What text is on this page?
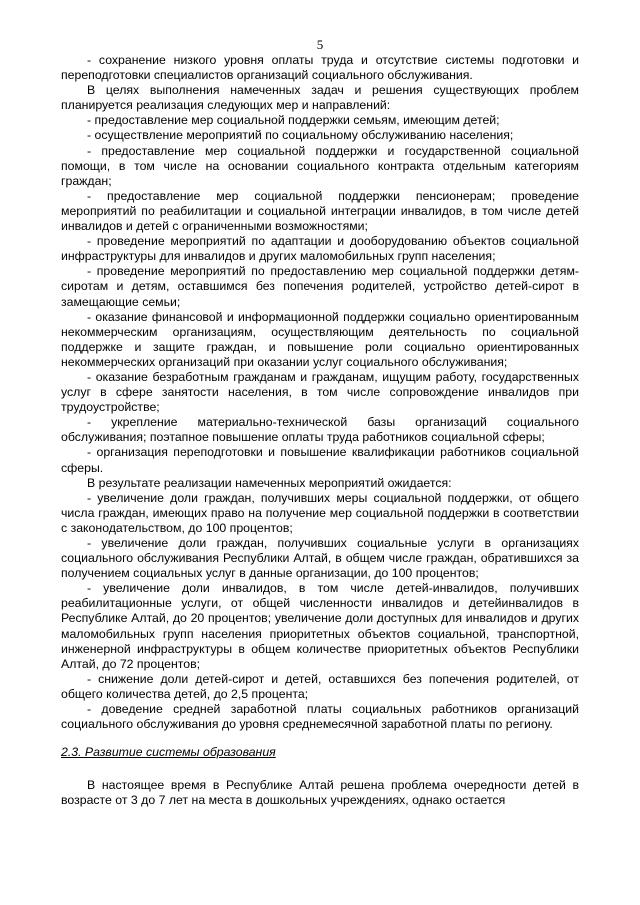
5

- сохранение низкого уровня оплаты труда и отсутствие системы подготовки и переподготовки специалистов организаций социального обслуживания.

В целях выполнения намеченных задач и решения существующих проблем планируется реализация следующих мер и направлений:

- предоставление мер социальной поддержки семьям, имеющим детей;

- осуществление мероприятий по социальному обслуживанию населения;

- предоставление мер социальной поддержки и государственной социальной помощи, в том числе на основании социального контракта отдельным категориям граждан;

- предоставление мер социальной поддержки пенсионерам; проведение мероприятий по реабилитации и социальной интеграции инвалидов, в том числе детей инвалидов и детей с ограниченными возможностями;

- проведение мероприятий по адаптации и дооборудованию объектов социальной инфраструктуры для инвалидов и других маломобильных групп населения;

- проведение мероприятий по предоставлению мер социальной поддержки детям-сиротам и детям, оставшимся без попечения родителей, устройство детей-сирот в замещающие семьи;

- оказание финансовой и информационной поддержки социально ориентированным некоммерческим организациям, осуществляющим деятельность по социальной поддержке и защите граждан, и повышение роли социально ориентированных некоммерческих организаций при оказании услуг социального обслуживания;

- оказание безработным гражданам и гражданам, ищущим работу, государственных услуг в сфере занятости населения, в том числе сопровождение инвалидов при трудоустройстве;

- укрепление материально-технической базы организаций социального обслуживания; поэтапное повышение оплаты труда работников социальной сферы;

- организация переподготовки и повышение квалификации работников социальной сферы.

В результате реализации намеченных мероприятий ожидается:

- увеличение доли граждан, получивших меры социальной поддержки, от общего числа граждан, имеющих право на получение мер социальной поддержки в соответствии с законодательством, до 100 процентов;

- увеличение доли граждан, получивших социальные услуги в организациях социального обслуживания Республики Алтай, в общем числе граждан, обратившихся за получением социальных услуг в данные организации, до 100 процентов;

- увеличение доли инвалидов, в том числе детей-инвалидов, получивших реабилитационные услуги, от общей численности инвалидов и детейинвалидов в Республике Алтай, до 20 процентов; увеличение доли доступных для инвалидов и других маломобильных групп населения приоритетных объектов социальной, транспортной, инженерной инфраструктуры в общем количестве приоритетных объектов Республики Алтай, до 72 процентов;

- снижение доли детей-сирот и детей, оставшихся без попечения родителей, от общего количества детей, до 2,5 процента;

- доведение средней заработной платы социальных работников организаций социального обслуживания до уровня среднемесячной заработной платы по региону.

2.3. Развитие системы образования

В настоящее время в Республике Алтай решена проблема очередности детей в возрасте от 3 до 7 лет на места в дошкольных учреждениях, однако остается
